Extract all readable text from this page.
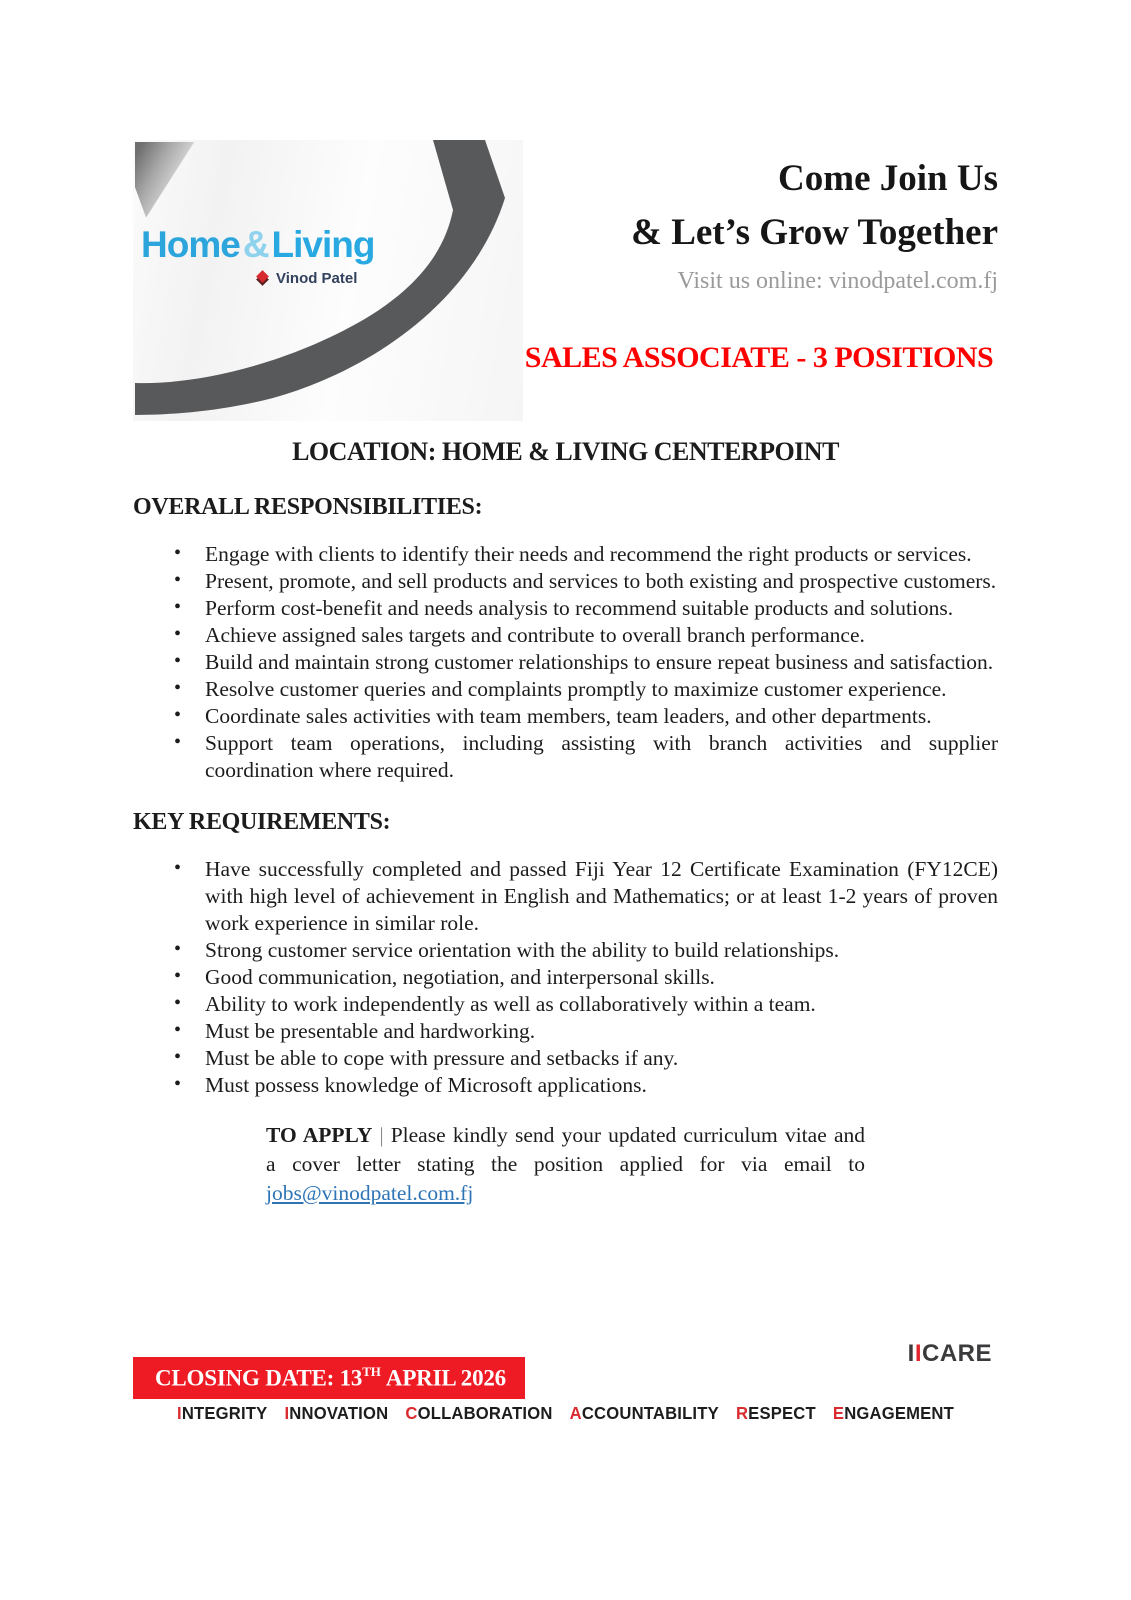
Home&Living
Vinod Patel
Come Join Us
& Let’s Grow Together
Visit us online: vinodpatel.com.fj
SALES ASSOCIATE - 3 POSITIONS
LOCATION: HOME & LIVING CENTERPOINT
OVERALL RESPONSIBILITIES:
• Engage with clients to identify their needs and recommend the right products or services.
• Present, promote, and sell products and services to both existing and prospective customers.
• Perform cost-benefit and needs analysis to recommend suitable products and solutions.
• Achieve assigned sales targets and contribute to overall branch performance.
• Build and maintain strong customer relationships to ensure repeat business and satisfaction.
• Resolve customer queries and complaints promptly to maximize customer experience.
• Coordinate sales activities with team members, team leaders, and other departments.
• Support team operations, including assisting with branch activities and supplier coordination where required.
KEY REQUIREMENTS:
• Have successfully completed and passed Fiji Year 12 Certificate Examination (FY12CE) with high level of achievement in English and Mathematics; or at least 1-2 years of proven work experience in similar role.
• Strong customer service orientation with the ability to build relationships.
• Good communication, negotiation, and interpersonal skills.
• Ability to work independently as well as collaboratively within a team.
• Must be presentable and hardworking.
• Must be able to cope with pressure and setbacks if any.
• Must possess knowledge of Microsoft applications.

TO APPLY | Please kindly send your updated curriculum vitae and a cover letter stating the position applied for via email to jobs@vinodpatel.com.fj

CLOSING DATE: 13TH APRIL 2026
IICARE
INTEGRITY INNOVATION COLLABORATION ACCOUNTABILITY RESPECT ENGAGEMENT
